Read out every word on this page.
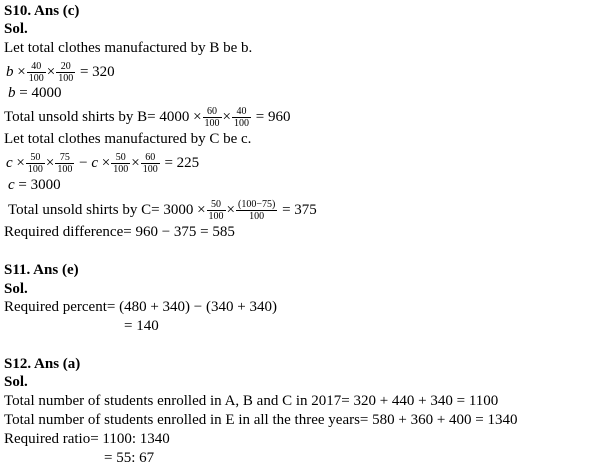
S10. Ans (c)
Sol.
Let total clothes manufactured by B be b.
$b \times \frac{40}{100} \times \frac{20}{100} = 320$
b = 4000
Total unsold shirts by $B= 4000 \times \frac{60}{100} \times \frac{40}{100} = 960$
Let total clothes manufactured by C be c.
$c \times \frac{50}{100} \times \frac{75}{100} - c \times \frac{50}{100} \times \frac{60}{100} = 225$
c = 3000
Total unsold shirts by $C= 3000 \times \frac{50}{100} \times \frac{(100-75)}{100} = 375$
Required difference= 960 − 375 = 585
S11. Ans (e)
Sol.
Required percent= (480 + 340) − (340 + 340)
= 140
S12. Ans (a)
Sol.
Total number of students enrolled in A, B and C in 2017= 320 + 440 + 340 = 1100
Total number of students enrolled in E in all the three years= 580 + 360 + 400 = 1340
Required ratio= 1100: 1340
= 55: 67
